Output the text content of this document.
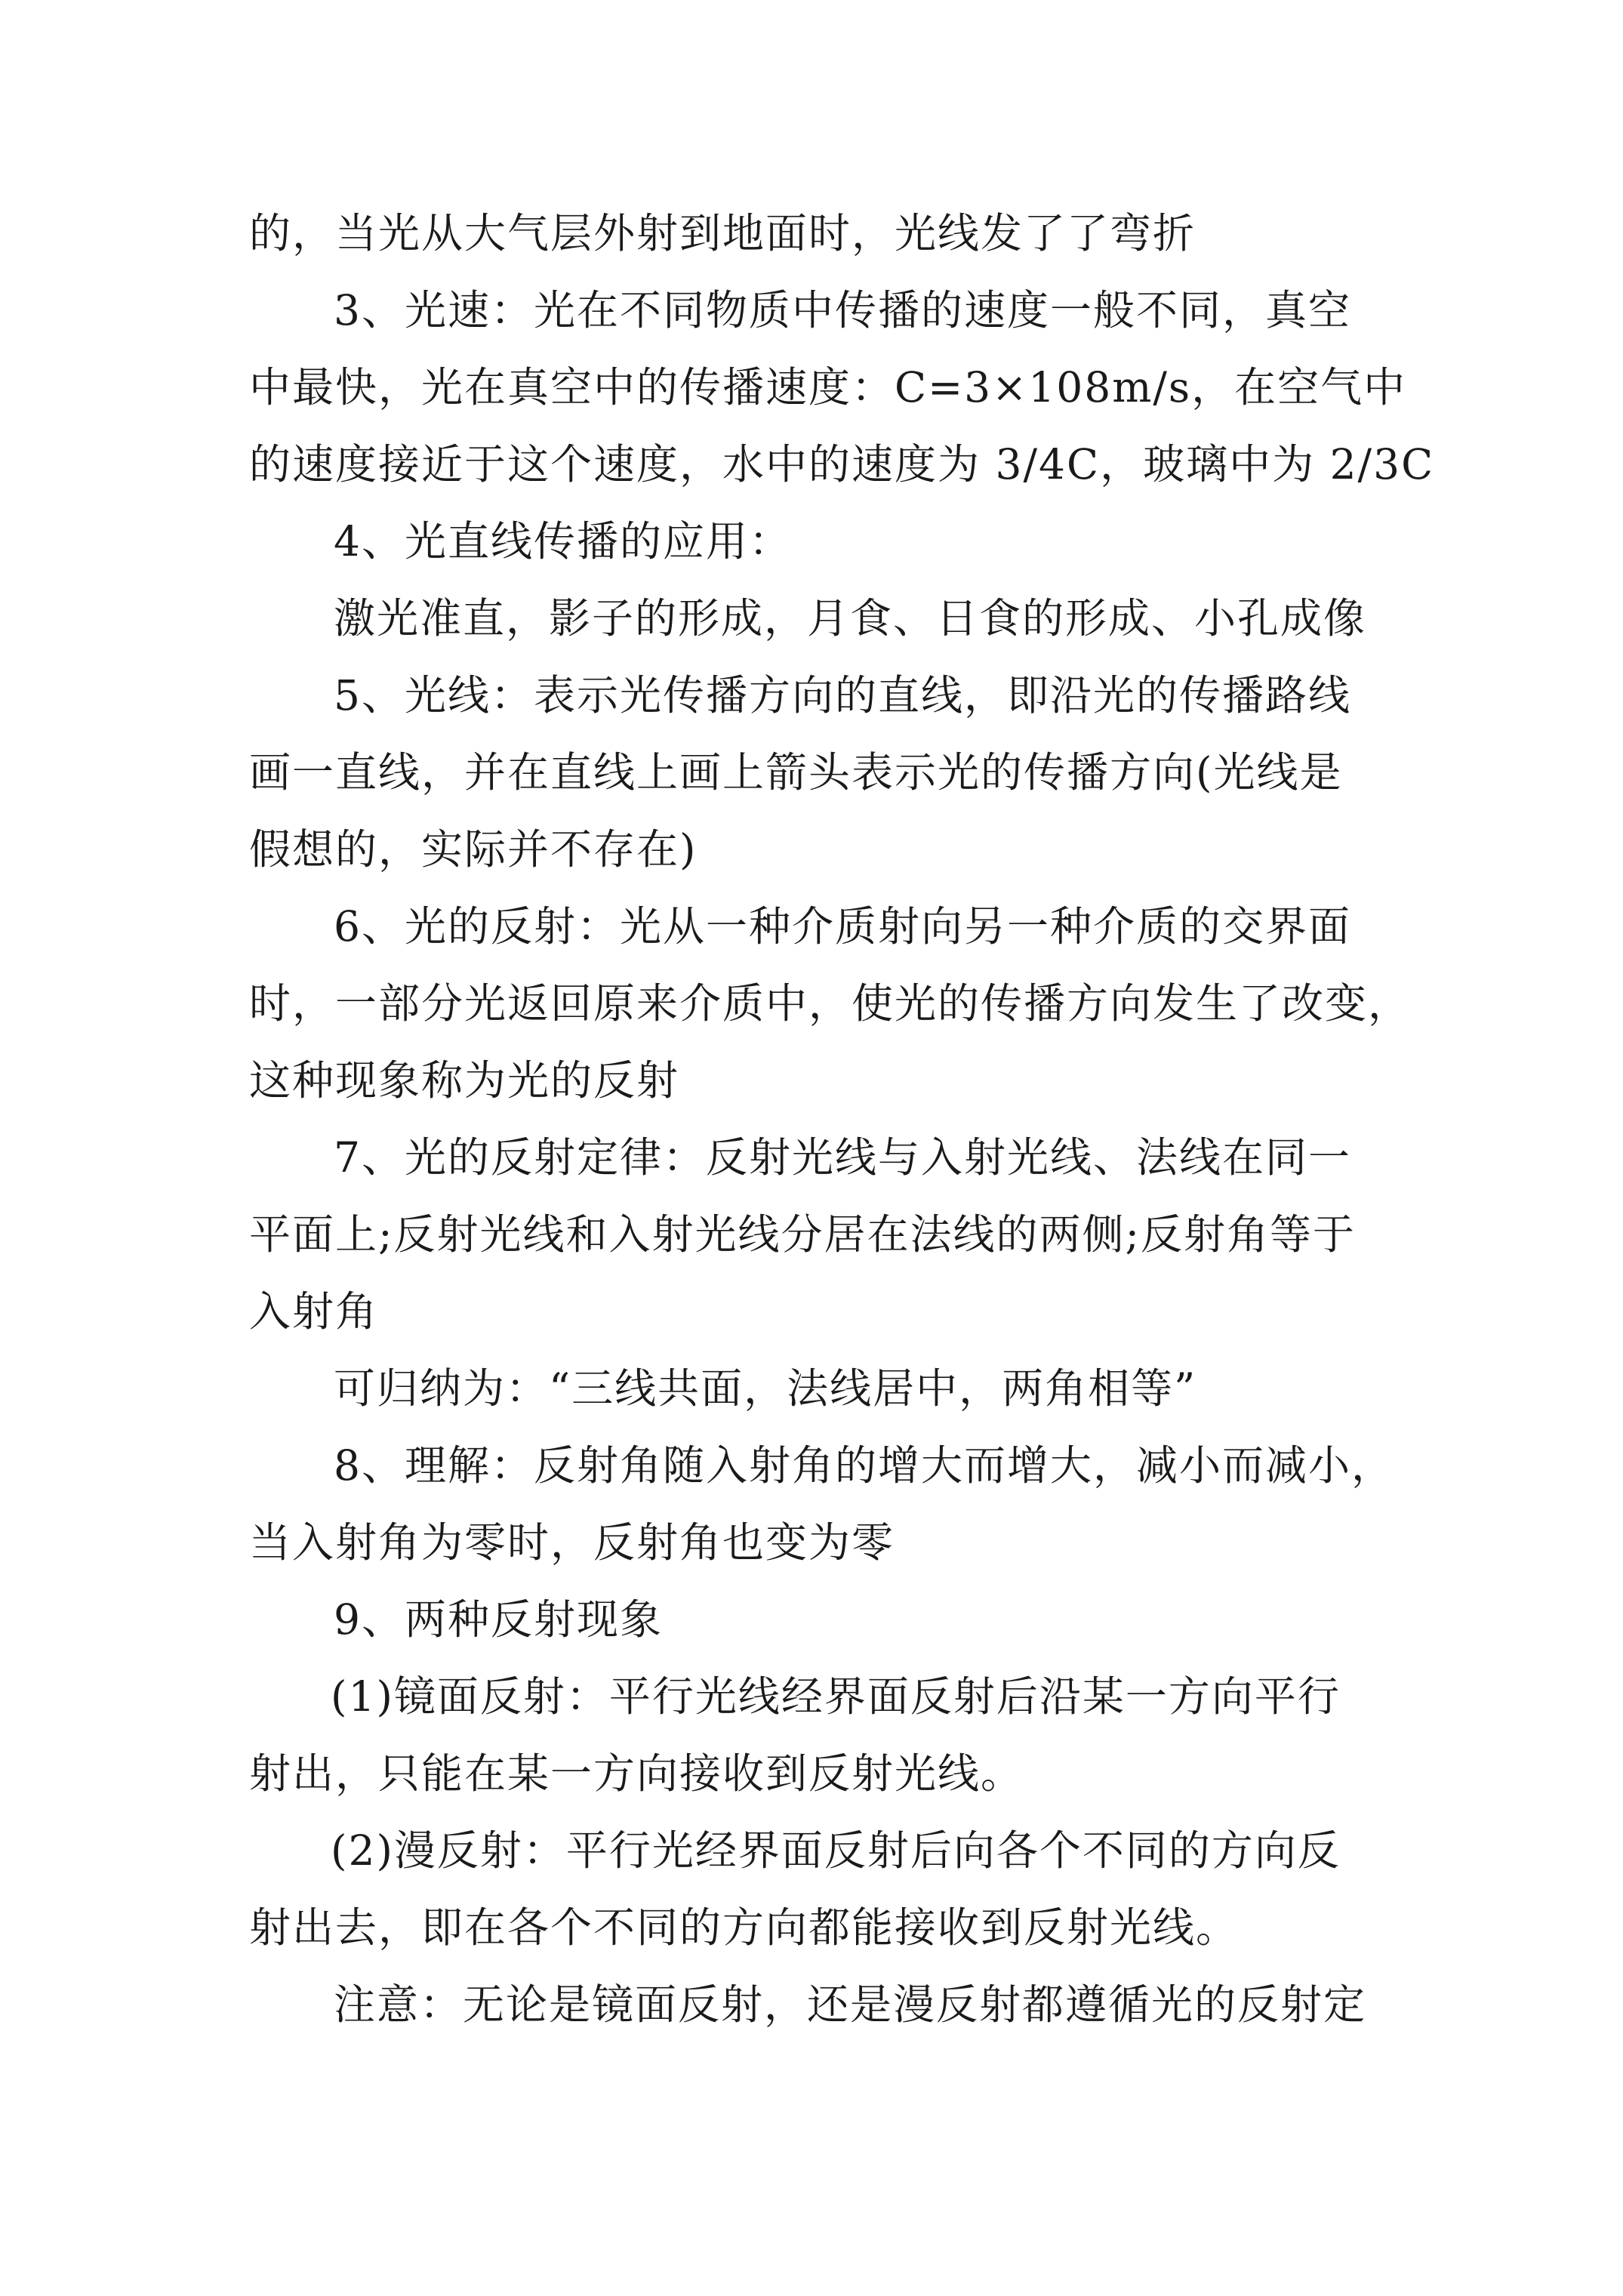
的，当光从大气层外射到地面时，光线发了了弯折

3、光速：光在不同物质中传播的速度一般不同，真空
中最快，光在真空中的传播速度：C=3×108m/s，在空气中
的速度接近于这个速度，水中的速度为 3/4C，玻璃中为 2/3C

4、光直线传播的应用：

激光准直，影子的形成，月食、日食的形成、小孔成像

5、光线：表示光传播方向的直线，即沿光的传播路线
画一直线，并在直线上画上箭头表示光的传播方向(光线是
假想的，实际并不存在)

6、光的反射：光从一种介质射向另一种介质的交界面
时，一部分光返回原来介质中，使光的传播方向发生了改变，
这种现象称为光的反射

7、光的反射定律：反射光线与入射光线、法线在同一
平面上;反射光线和入射光线分居在法线的两侧;反射角等于
入射角

可归纳为：“三线共面，法线居中，两角相等”

8、理解：反射角随入射角的增大而增大，减小而减小，
当入射角为零时，反射角也变为零

9、两种反射现象

(1)镜面反射：平行光线经界面反射后沿某一方向平行
射出，只能在某一方向接收到反射光线。

(2)漫反射：平行光经界面反射后向各个不同的方向反
射出去，即在各个不同的方向都能接收到反射光线。

注意：无论是镜面反射，还是漫反射都遵循光的反射定
